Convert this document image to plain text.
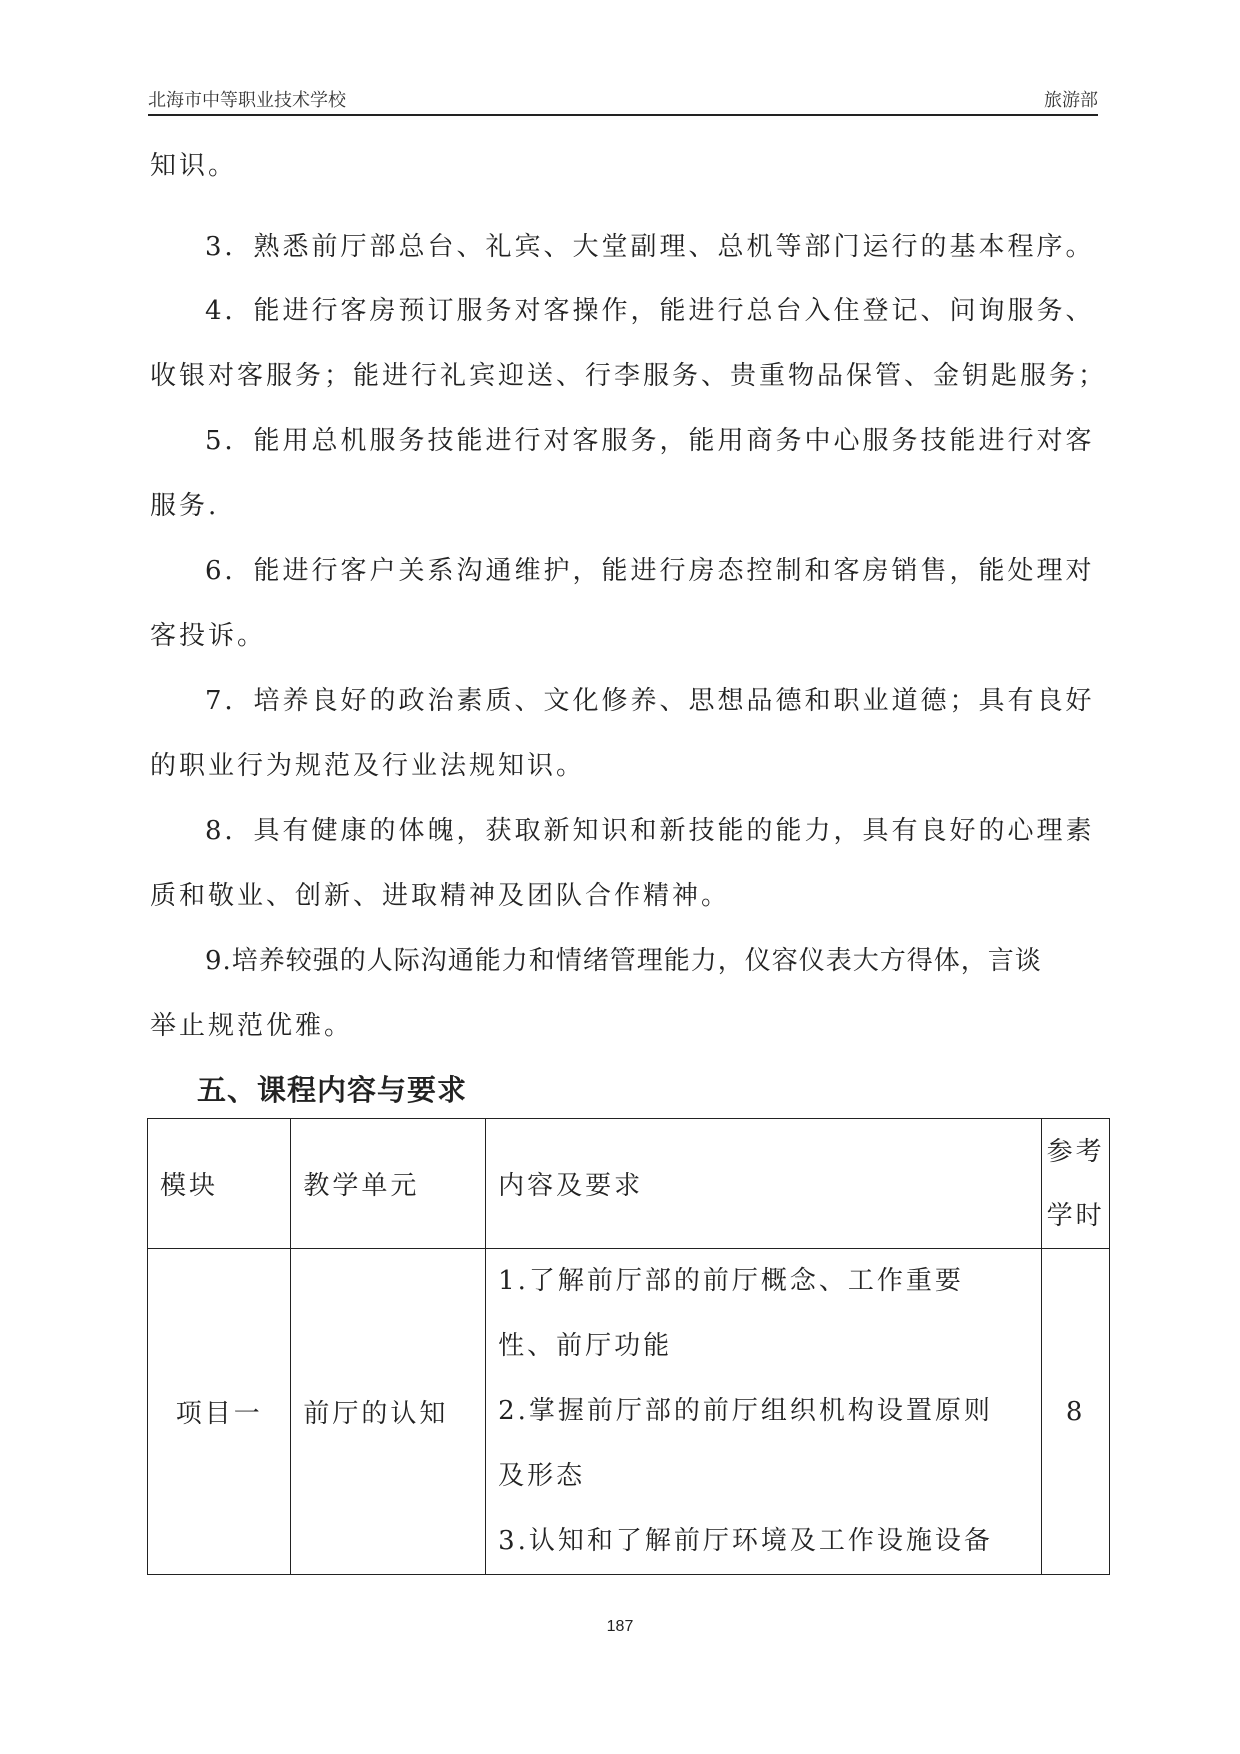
北海市中等职业技术学校	旅游部
知识。
3．熟悉前厅部总台、礼宾、大堂副理、总机等部门运行的基本程序。
4．能进行客房预订服务对客操作，能进行总台入住登记、问询服务、
收银对客服务；能进行礼宾迎送、行李服务、贵重物品保管、金钥匙服务；
5．能用总机服务技能进行对客服务，能用商务中心服务技能进行对客
服务.
6．能进行客户关系沟通维护，能进行房态控制和客房销售，能处理对
客投诉。
7．培养良好的政治素质、文化修养、思想品德和职业道德；具有良好
的职业行为规范及行业法规知识。
8．具有健康的体魄，获取新知识和新技能的能力，具有良好的心理素
质和敬业、创新、进取精神及团队合作精神。
9.培养较强的人际沟通能力和情绪管理能力，仪容仪表大方得体，言谈
举止规范优雅。
五、课程内容与要求
模块	教学单元	内容及要求	参考
学时

项目一	前厅的认知	1.了解前厅部的前厅概念、工作重要
性、前厅功能
2.掌握前厅部的前厅组织机构设置原则
及形态
3.认知和了解前厅环境及工作设施设备	8
187
